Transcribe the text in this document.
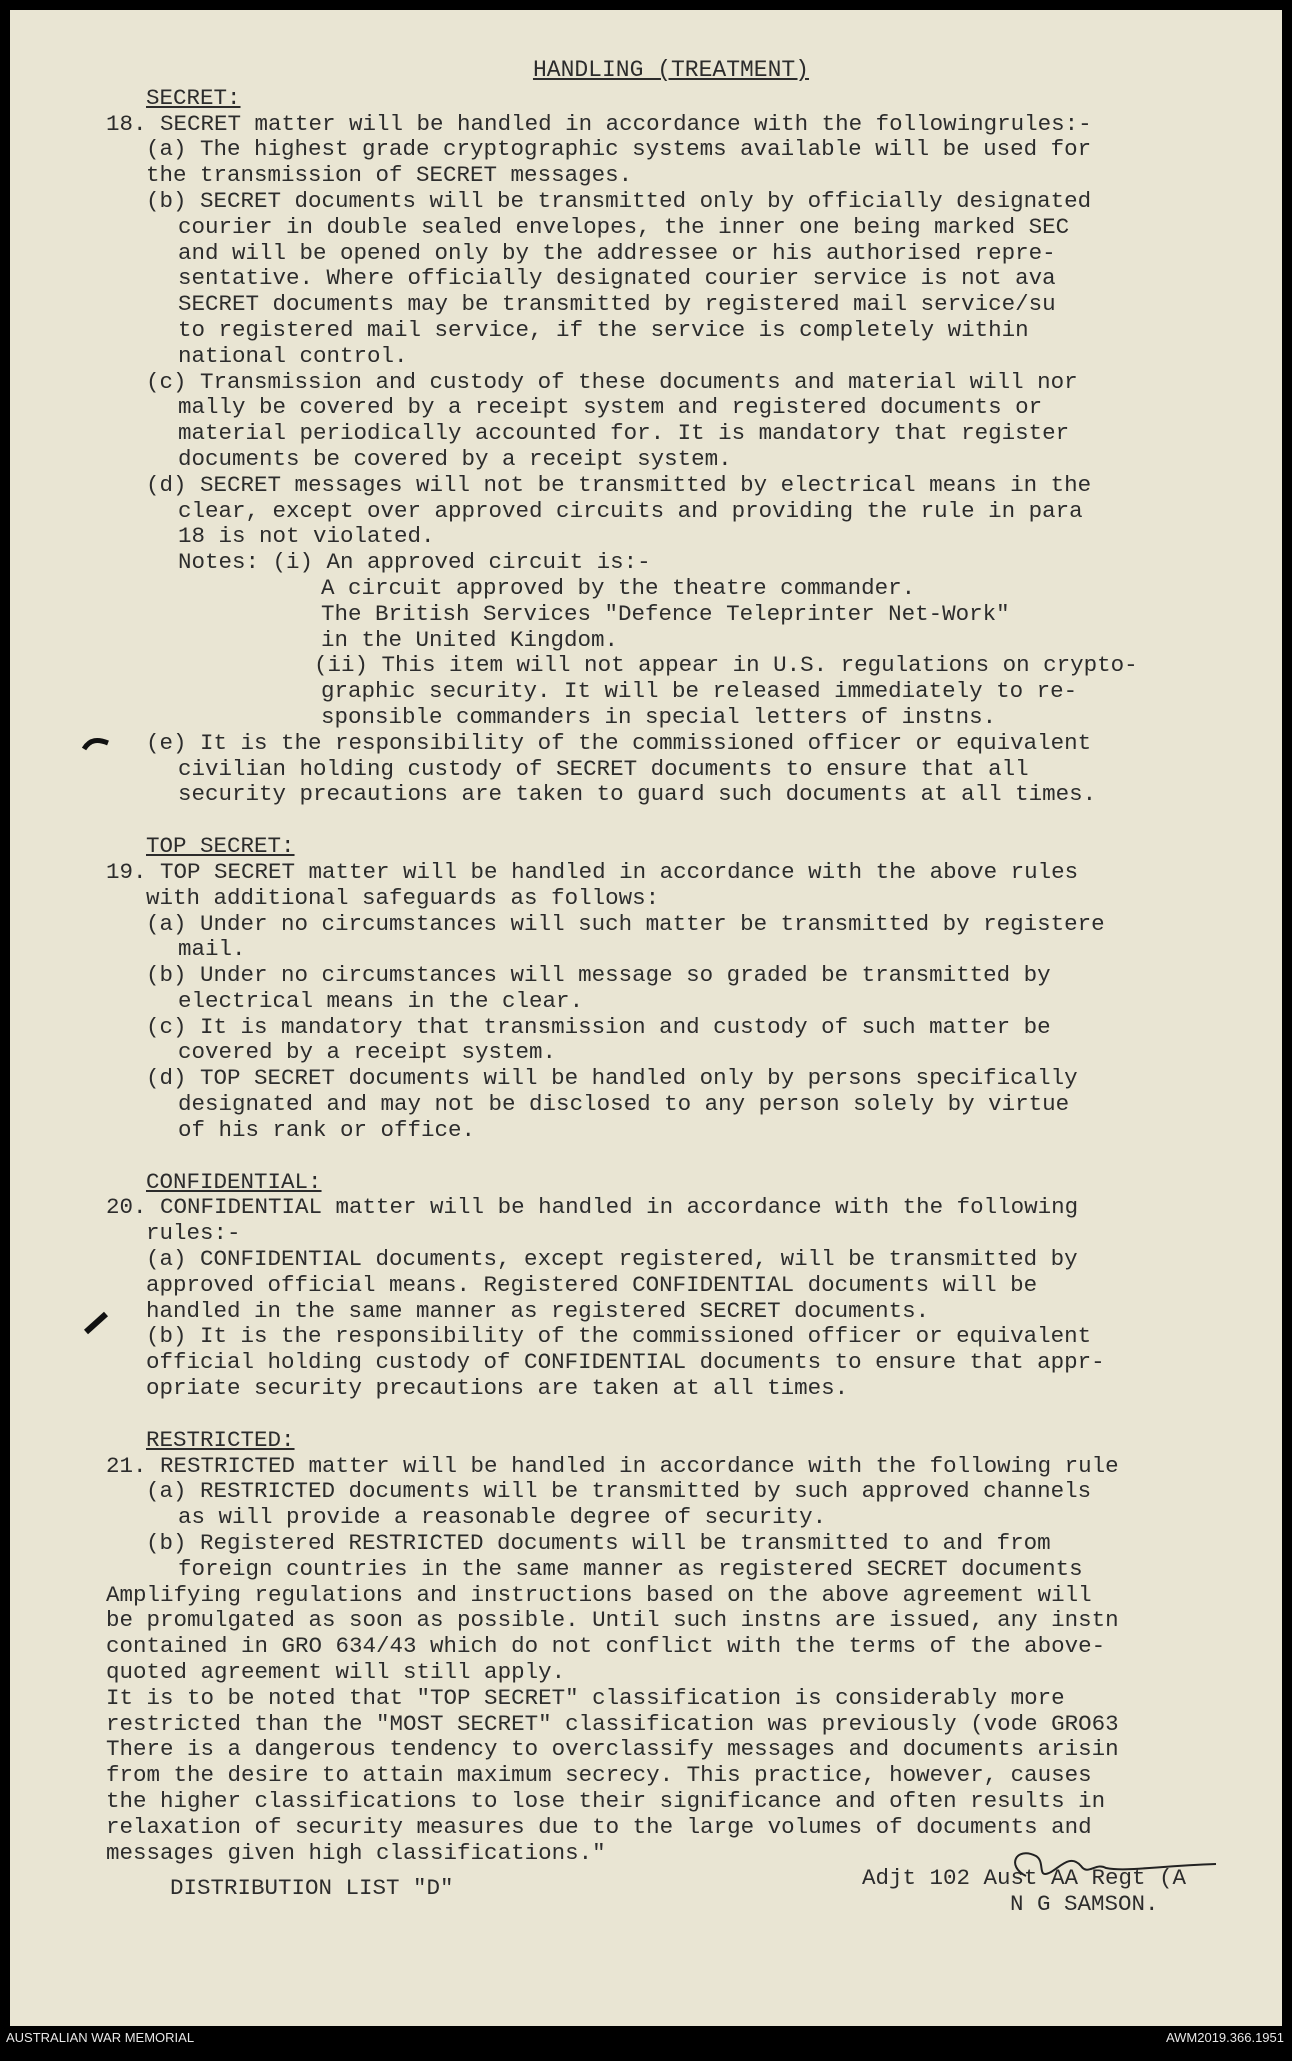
HANDLING (TREATMENT)
SECRET:
18. SECRET matter will be handled in accordance with the followingrules:-
(a) The highest grade cryptographic systems available will be used for
the transmission of SECRET messages.
(b) SECRET documents will be transmitted only by officially designated
courier in double sealed envelopes, the inner one being marked SEC
and will be opened only by the addressee or his authorised repre-
sentative. Where officially designated courier service is not ava
SECRET documents may be transmitted by registered mail service/su
to registered mail service, if the service is completely within
national control.
(c) Transmission and custody of these documents and material will nor
mally be covered by a receipt system and registered documents or
material periodically accounted for. It is mandatory that register
documents be covered by a receipt system.
(d) SECRET messages will not be transmitted by electrical means in the
clear, except over approved circuits and providing the rule in para
18 is not violated.
Notes: (i) An approved circuit is:-
A circuit approved by the theatre commander.
The British Services "Defence Teleprinter Net-Work"
in the United Kingdom.
(ii) This item will not appear in U.S. regulations on crypto-
graphic security. It will be released immediately to re-
sponsible commanders in special letters of instns.
(e) It is the responsibility of the commissioned officer or equivalent
civilian holding custody of SECRET documents to ensure that all
security precautions are taken to guard such documents at all times.
TOP SECRET:
19. TOP SECRET matter will be handled in accordance with the above rules
with additional safeguards as follows:
(a) Under no circumstances will such matter be transmitted by registere
mail.
(b) Under no circumstances will message so graded be transmitted by
electrical means in the clear.
(c) It is mandatory that transmission and custody of such matter be
covered by a receipt system.
(d) TOP SECRET documents will be handled only by persons specifically
designated and may not be disclosed to any person solely by virtue
of his rank or office.
CONFIDENTIAL:
20. CONFIDENTIAL matter will be handled in accordance with the following
rules:-
(a) CONFIDENTIAL documents, except registered, will be transmitted by
approved official means. Registered CONFIDENTIAL documents will be
handled in the same manner as registered SECRET documents.
(b) It is the responsibility of the commissioned officer or equivalent
official holding custody of CONFIDENTIAL documents to ensure that appr-
opriate security precautions are taken at all times.
RESTRICTED:
21. RESTRICTED matter will be handled in accordance with the following rule
(a) RESTRICTED documents will be transmitted by such approved channels
as will provide a reasonable degree of security.
(b) Registered RESTRICTED documents will be transmitted to and from
foreign countries in the same manner as registered SECRET documents
Amplifying regulations and instructions based on the above agreement will
be promulgated as soon as possible. Until such instns are issued, any instn
contained in GRO 634/43 which do not conflict with the terms of the above-
quoted agreement will still apply.
It is to be noted that "TOP SECRET" classification is considerably more
restricted than the "MOST SECRET" classification was previously (vode GRO63
There is a dangerous tendency to overclassify messages and documents arisin
from the desire to attain maximum secrecy. This practice, however, causes
the higher classifications to lose their significance and often results in
relaxation of security measures due to the large volumes of documents and
messages given high classifications."
DISTRIBUTION LIST "D"	Adjt 102 Aust AA Regt (A
N G SAMSON.
AUSTRALIAN WAR MEMORIAL	AWM2019.366.1951
